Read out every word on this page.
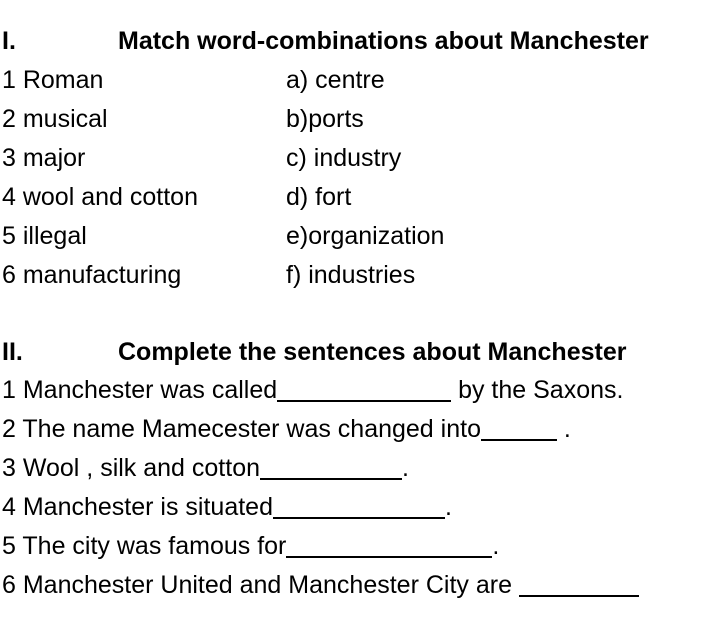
I.	Match word-combinations about Manchester
1 Roman	a) centre
2 musical	b)ports
3 major	c) industry
4 wool and cotton	d) fort
5 illegal	e)organization
6 manufacturing	f) industries
II.	Complete the sentences about Manchester
1 Manchester was called	by the Saxons.
2 The name Mamecester was changed into	.
3 Wool , silk and cotton	.
4 Manchester is situated	.
5 The city was famous for	.
6 Manchester United and Manchester City are
